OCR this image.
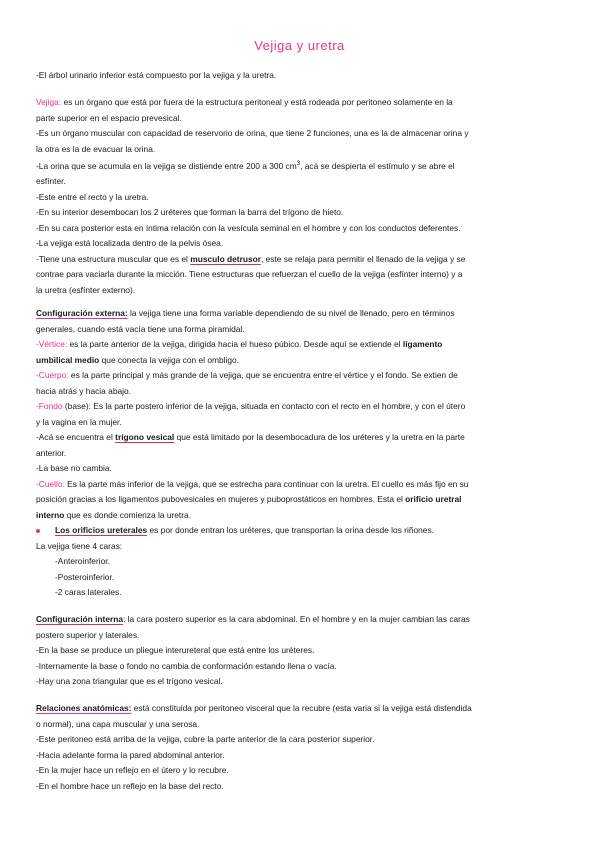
Vejiga y uretra
-El árbol urinario inferior está compuesto por la vejiga y la uretra.
Vejiga: es un órgano que está por fuera de la estructura peritoneal y está rodeada por peritoneo solamente en la
parte superior en el espacio prevesical.
-Es un órgano muscular con capacidad de reservorio de orina, que tiene 2 funciones, una es la de almacenar orina y
la otra es la de evacuar la orina.
-La orina que se acumula en la vejiga se distiende entre 200 a 300 $cm^3$, acá se despierta el estímulo y se abre el
esfínter.
-Este entre el recto y la uretra.
-En su interior desembocan los 2 uréteres que forman la barra del trígono de hieto.
-En su cara posterior esta en íntima relación con la vesícula seminal en el hombre y con los conductos deferentes.
-La vejiga está localizada dentro de la pelvis ósea.
-Tiene una estructura muscular que es el musculo detrusor, este se relaja para permitir el llenado de la vejiga y se
contrae para vaciarla durante la micción. Tiene estructuras que refuerzan el cuello de la vejiga (esfínter interno) y a
la uretra (esfínter externo).
Configuración externa: la vejiga tiene una forma variable dependiendo de su nivel de llenado, pero en términos
generales, cuando está vacía tiene una forma piramidal.
-Vértice: es la parte anterior de la vejiga, dirigida hacia el hueso púbico. Desde aquí se extiende el ligamento
umbilical medio que conecta la vejiga con el ombligo.
-Cuerpo: es la parte principal y más grande de la vejiga, que se encuentra entre el vértice y el fondo. Se extien de
hacia atrás y hacia abajo.
-Fondo (base): Es la parte postero inferior de la vejiga, situada en contacto con el recto en el hombre, y con el útero
y la vagina en la mujer.
-Acá se encuentra el trígono vesical que está limitado por la desembocadura de los uréteres y la uretra en la parte
anterior.
-La base no cambia.
-Cuello: Es la parte más inferior de la vejiga, que se estrecha para continuar con la uretra. El cuello es más fijo en su
posición gracias a los ligamentos pubovesicales en mujeres y puboprostáticos en hombres. Esta el orificio uretral
interno que es donde comienza la uretra.
Los orificios ureterales es por donde entran los uréteres, que transportan la orina desde los riñones.
La vejiga tiene 4 caras:
-Anteroinferior.
-Posteroinferior.
-2 caras laterales.
Configuración interna: la cara postero superior es la cara abdominal. En el hombre y en la mujer cambian las caras
postero superior y laterales.
-En la base se produce un pliegue interureteral que está entre los uréteres.
-Internamente la base o fondo no cambia de conformación estando llena o vacía.
-Hay una zona triangular que es el trígono vesical.
Relaciones anatómicas: está constituida por peritoneo visceral que la recubre (esta varia si la vejiga está distendida
o normal), una capa muscular y una serosa.
-Este peritoneo está arriba de la vejiga, cubre la parte anterior de la cara posterior superior.
-Hacia adelante forma la pared abdominal anterior.
-En la mujer hace un reflejo en el útero y lo recubre.
-En el hombre hace un reflejo en la base del recto.
